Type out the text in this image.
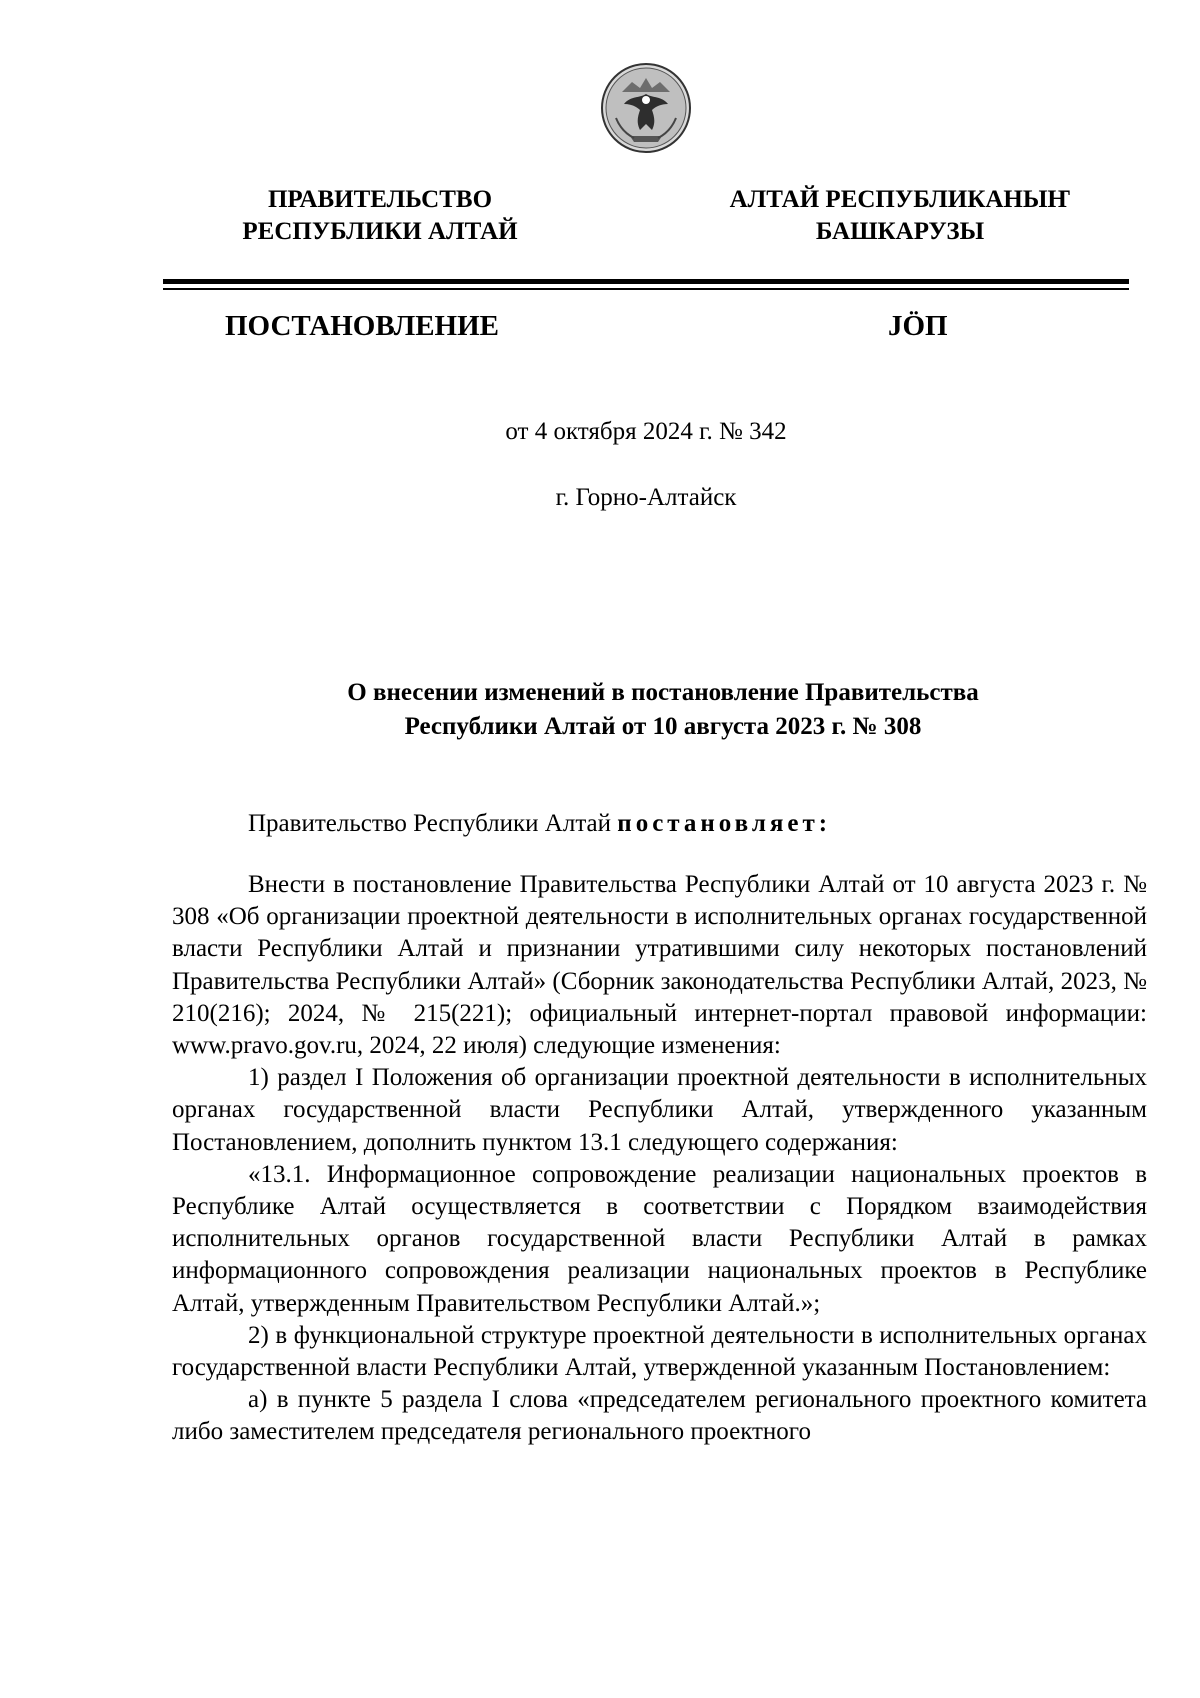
ПРАВИТЕЛЬСТВО
РЕСПУБЛИКИ АЛТАЙ
АЛТАЙ РЕСПУБЛИКАНЫҤ
БАШКАРУЗЫ
ПОСТАНОВЛЕНИЕ	JӦП
от 4 октября 2024 г. № 342
г. Горно-Алтайск
О внесении изменений в постановление Правительства
Республики Алтай от 10 августа 2023 г. № 308
Правительство Республики Алтай постановляет:

Внести в постановление Правительства Республики Алтай от 10 августа 2023 г. № 308 «Об организации проектной деятельности в исполнительных органах государственной власти Республики Алтай и признании утратившими силу некоторых постановлений Правительства Республики Алтай» (Сборник законодательства Республики Алтай, 2023, № 210(216); 2024, № 215(221); официальный интернет-портал правовой информации: www.pravo.gov.ru, 2024, 22 июля) следующие изменения:

1) раздел I Положения об организации проектной деятельности в исполнительных органах государственной власти Республики Алтай, утвержденного указанным Постановлением, дополнить пунктом 13.1 следующего содержания:

«13.1. Информационное сопровождение реализации национальных проектов в Республике Алтай осуществляется в соответствии с Порядком взаимодействия исполнительных органов государственной власти Республики Алтай в рамках информационного сопровождения реализации национальных проектов в Республике Алтай, утвержденным Правительством Республики Алтай.»;

2) в функциональной структуре проектной деятельности в исполнительных органах государственной власти Республики Алтай, утвержденной указанным Постановлением:

а) в пункте 5 раздела I слова «председателем регионального проектного комитета либо заместителем председателя регионального проектного
